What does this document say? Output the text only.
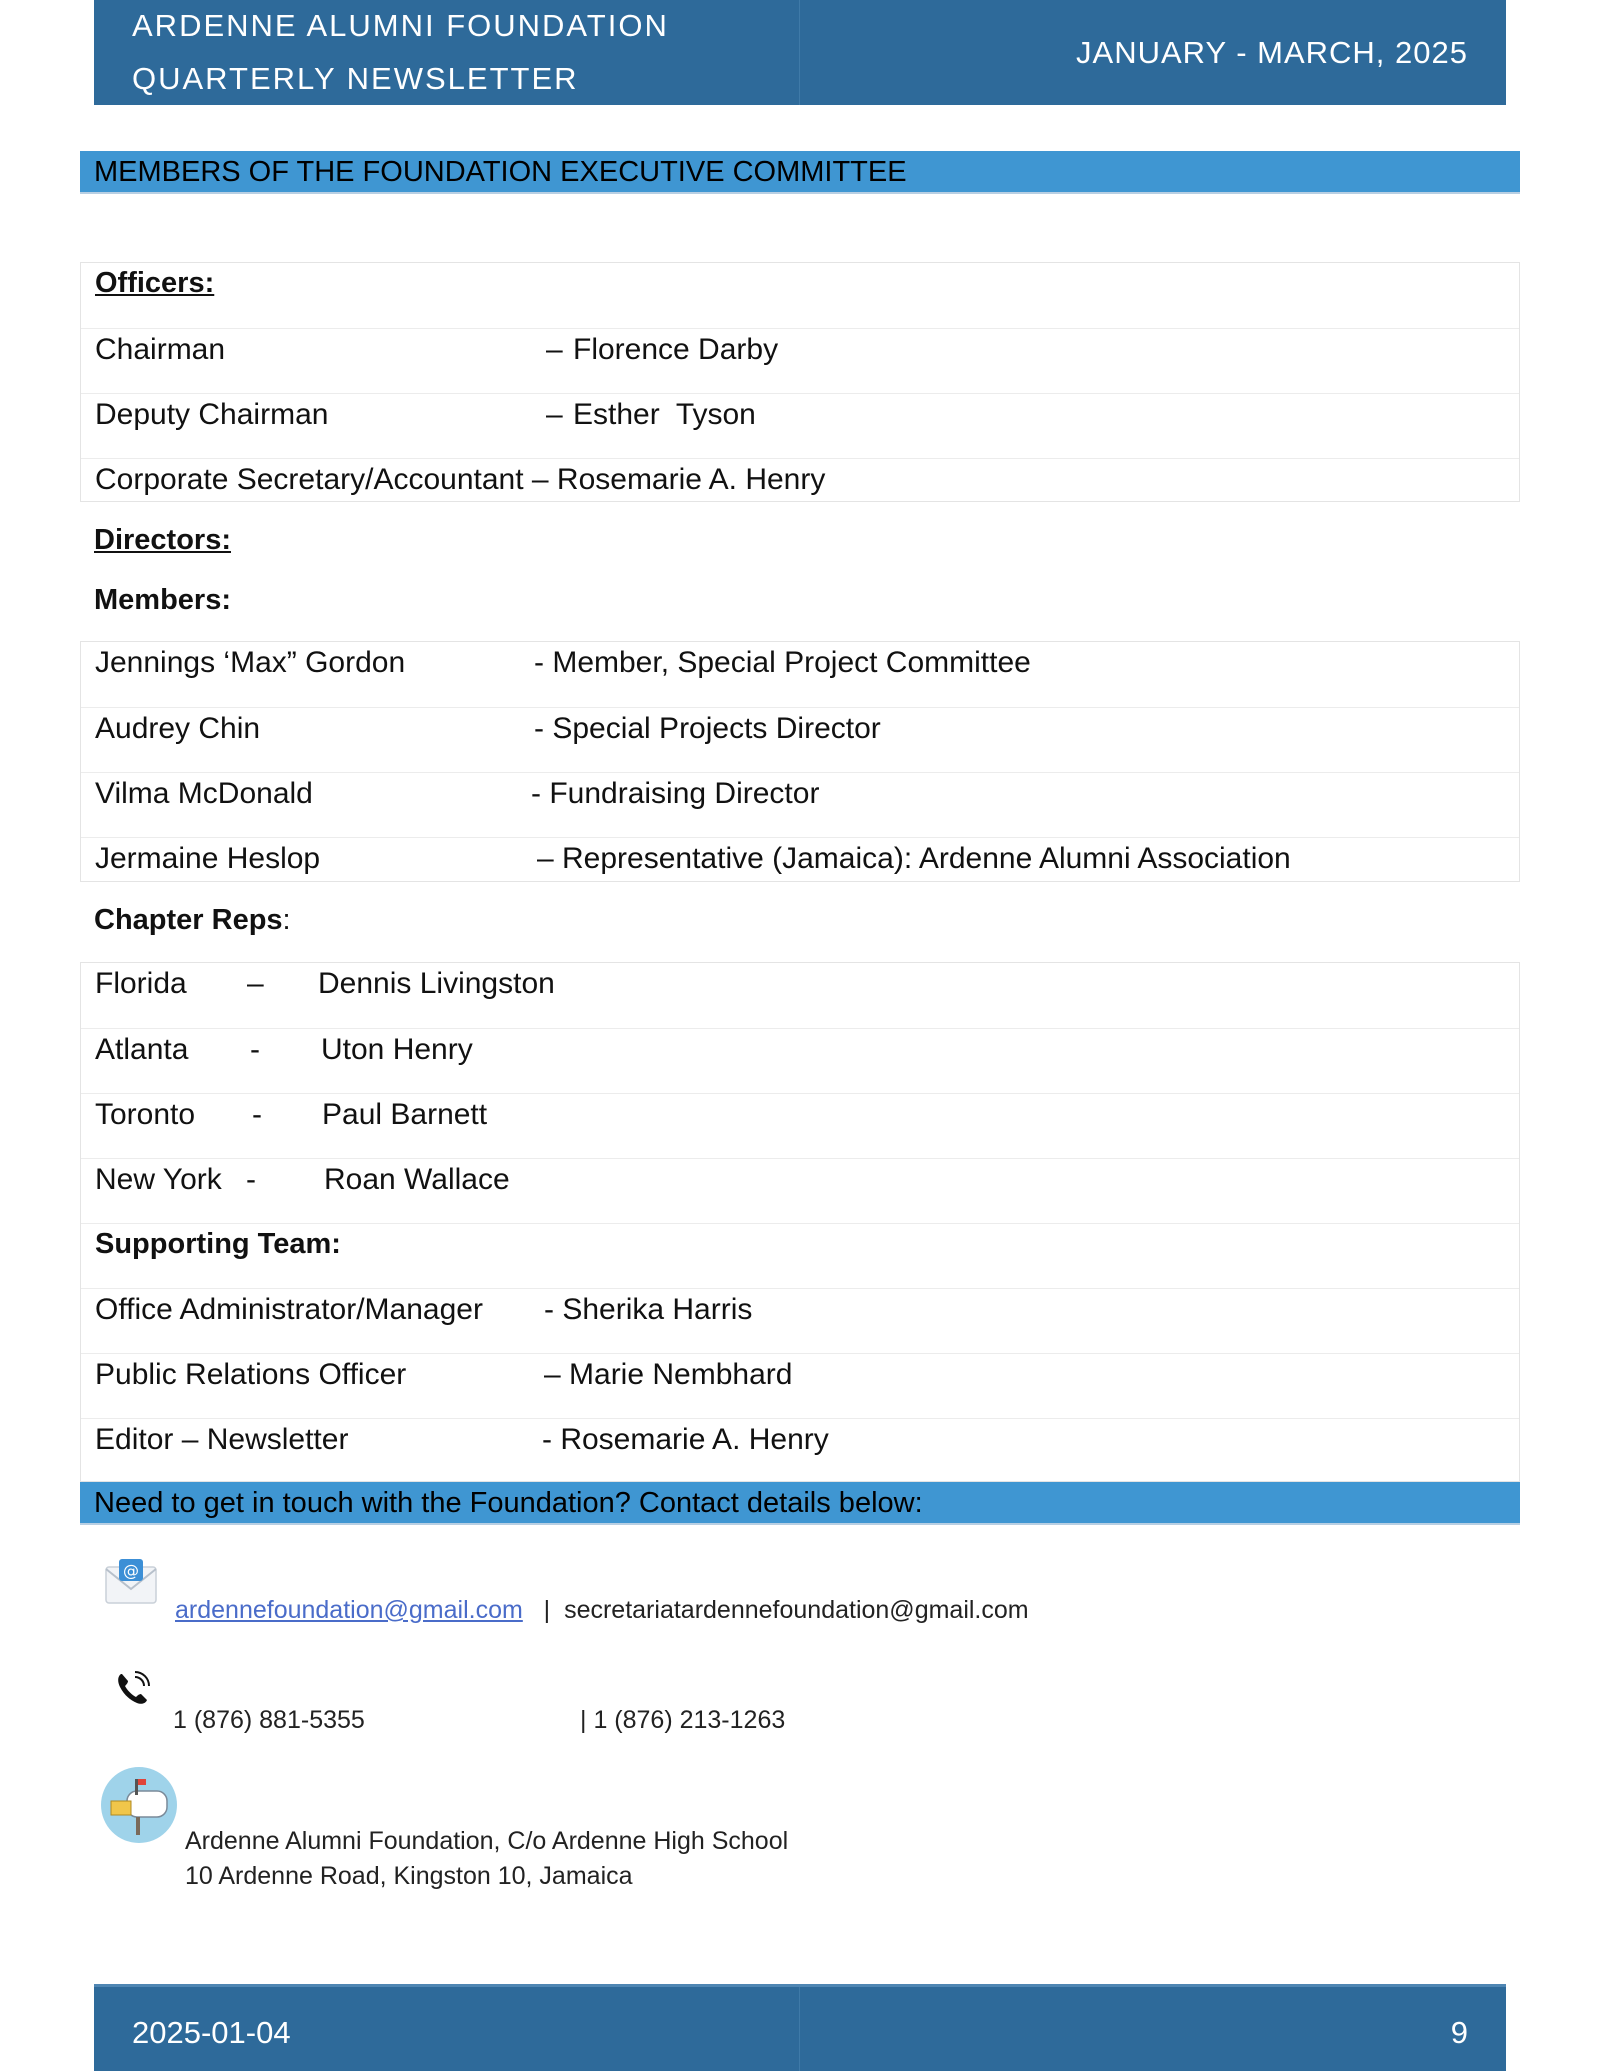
ARDENNE ALUMNI FOUNDATION
QUARTERLY NEWSLETTER
JANUARY - MARCH, 2025
MEMBERS OF THE FOUNDATION EXECUTIVE COMMITTEE
Officers:
Chairman	– Florence Darby
Deputy Chairman	– Esther  Tyson
Corporate Secretary/Accountant – Rosemarie A. Henry
Directors:
Members:
Jennings ‘Max” Gordon	- Member, Special Project Committee
Audrey Chin	- Special Projects Director
Vilma McDonald	- Fundraising Director
Jermaine Heslop	– Representative (Jamaica): Ardenne Alumni Association
Chapter Reps:
Florida – Dennis Livingston
Atlanta - Uton Henry
Toronto - Paul Barnett
New York - Roan Wallace
Supporting Team:
Office Administrator/Manager - Sherika Harris
Public Relations Officer	– Marie Nembhard
Editor – Newsletter	- Rosemarie A. Henry
Need to get in touch with the Foundation? Contact details below:
@
ardennefoundation@gmail.com | secretariatardennefoundation@gmail.com
1 (876) 881-5355	| 1 (876) 213-1263
Ardenne Alumni Foundation, C/o Ardenne High School
10 Ardenne Road, Kingston 10, Jamaica
2025-01-04	9
